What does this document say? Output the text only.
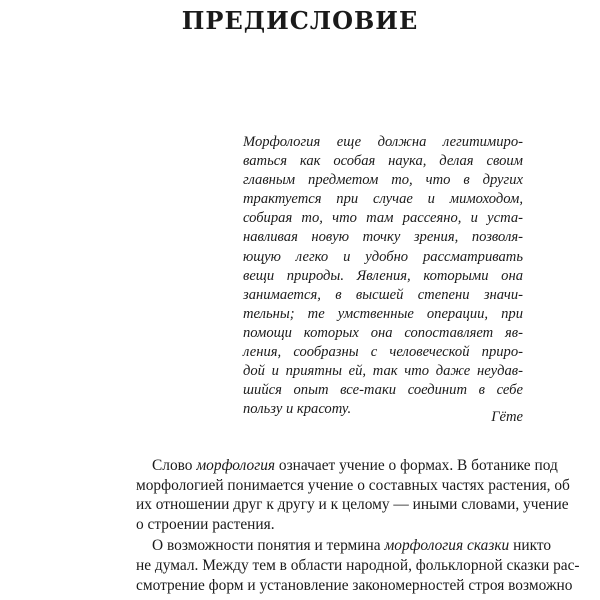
ПРЕДИСЛОВИЕ
Морфология еще должна легитимиро-
ваться как особая наука, делая своим
главным предметом то, что в других
трактуется при случае и мимоходом,
собирая то, что там рассеяно, и уста-
навливая новую точку зрения, позволя-
ющую легко и удобно рассматривать
вещи природы. Явления, которыми она
занимается, в высшей степени значи-
тельны; те умственные операции, при
помощи которых она сопоставляет яв-
ления, сообразны с человеческой приро-
дой и приятны ей, так что даже неудав-
шийся опыт все-таки соединит в себе
пользу и красоту.	Гёте
Слово морфология означает учение о формах. В ботанике под
морфологией понимается учение о составных частях растения, об
их отношении друг к другу и к целому — иными словами, учение
о строении растения.
О возможности понятия и термина морфология сказки никто
не думал. Между тем в области народной, фольклорной сказки рас-
смотрение форм и установление закономерностей строя возможно
